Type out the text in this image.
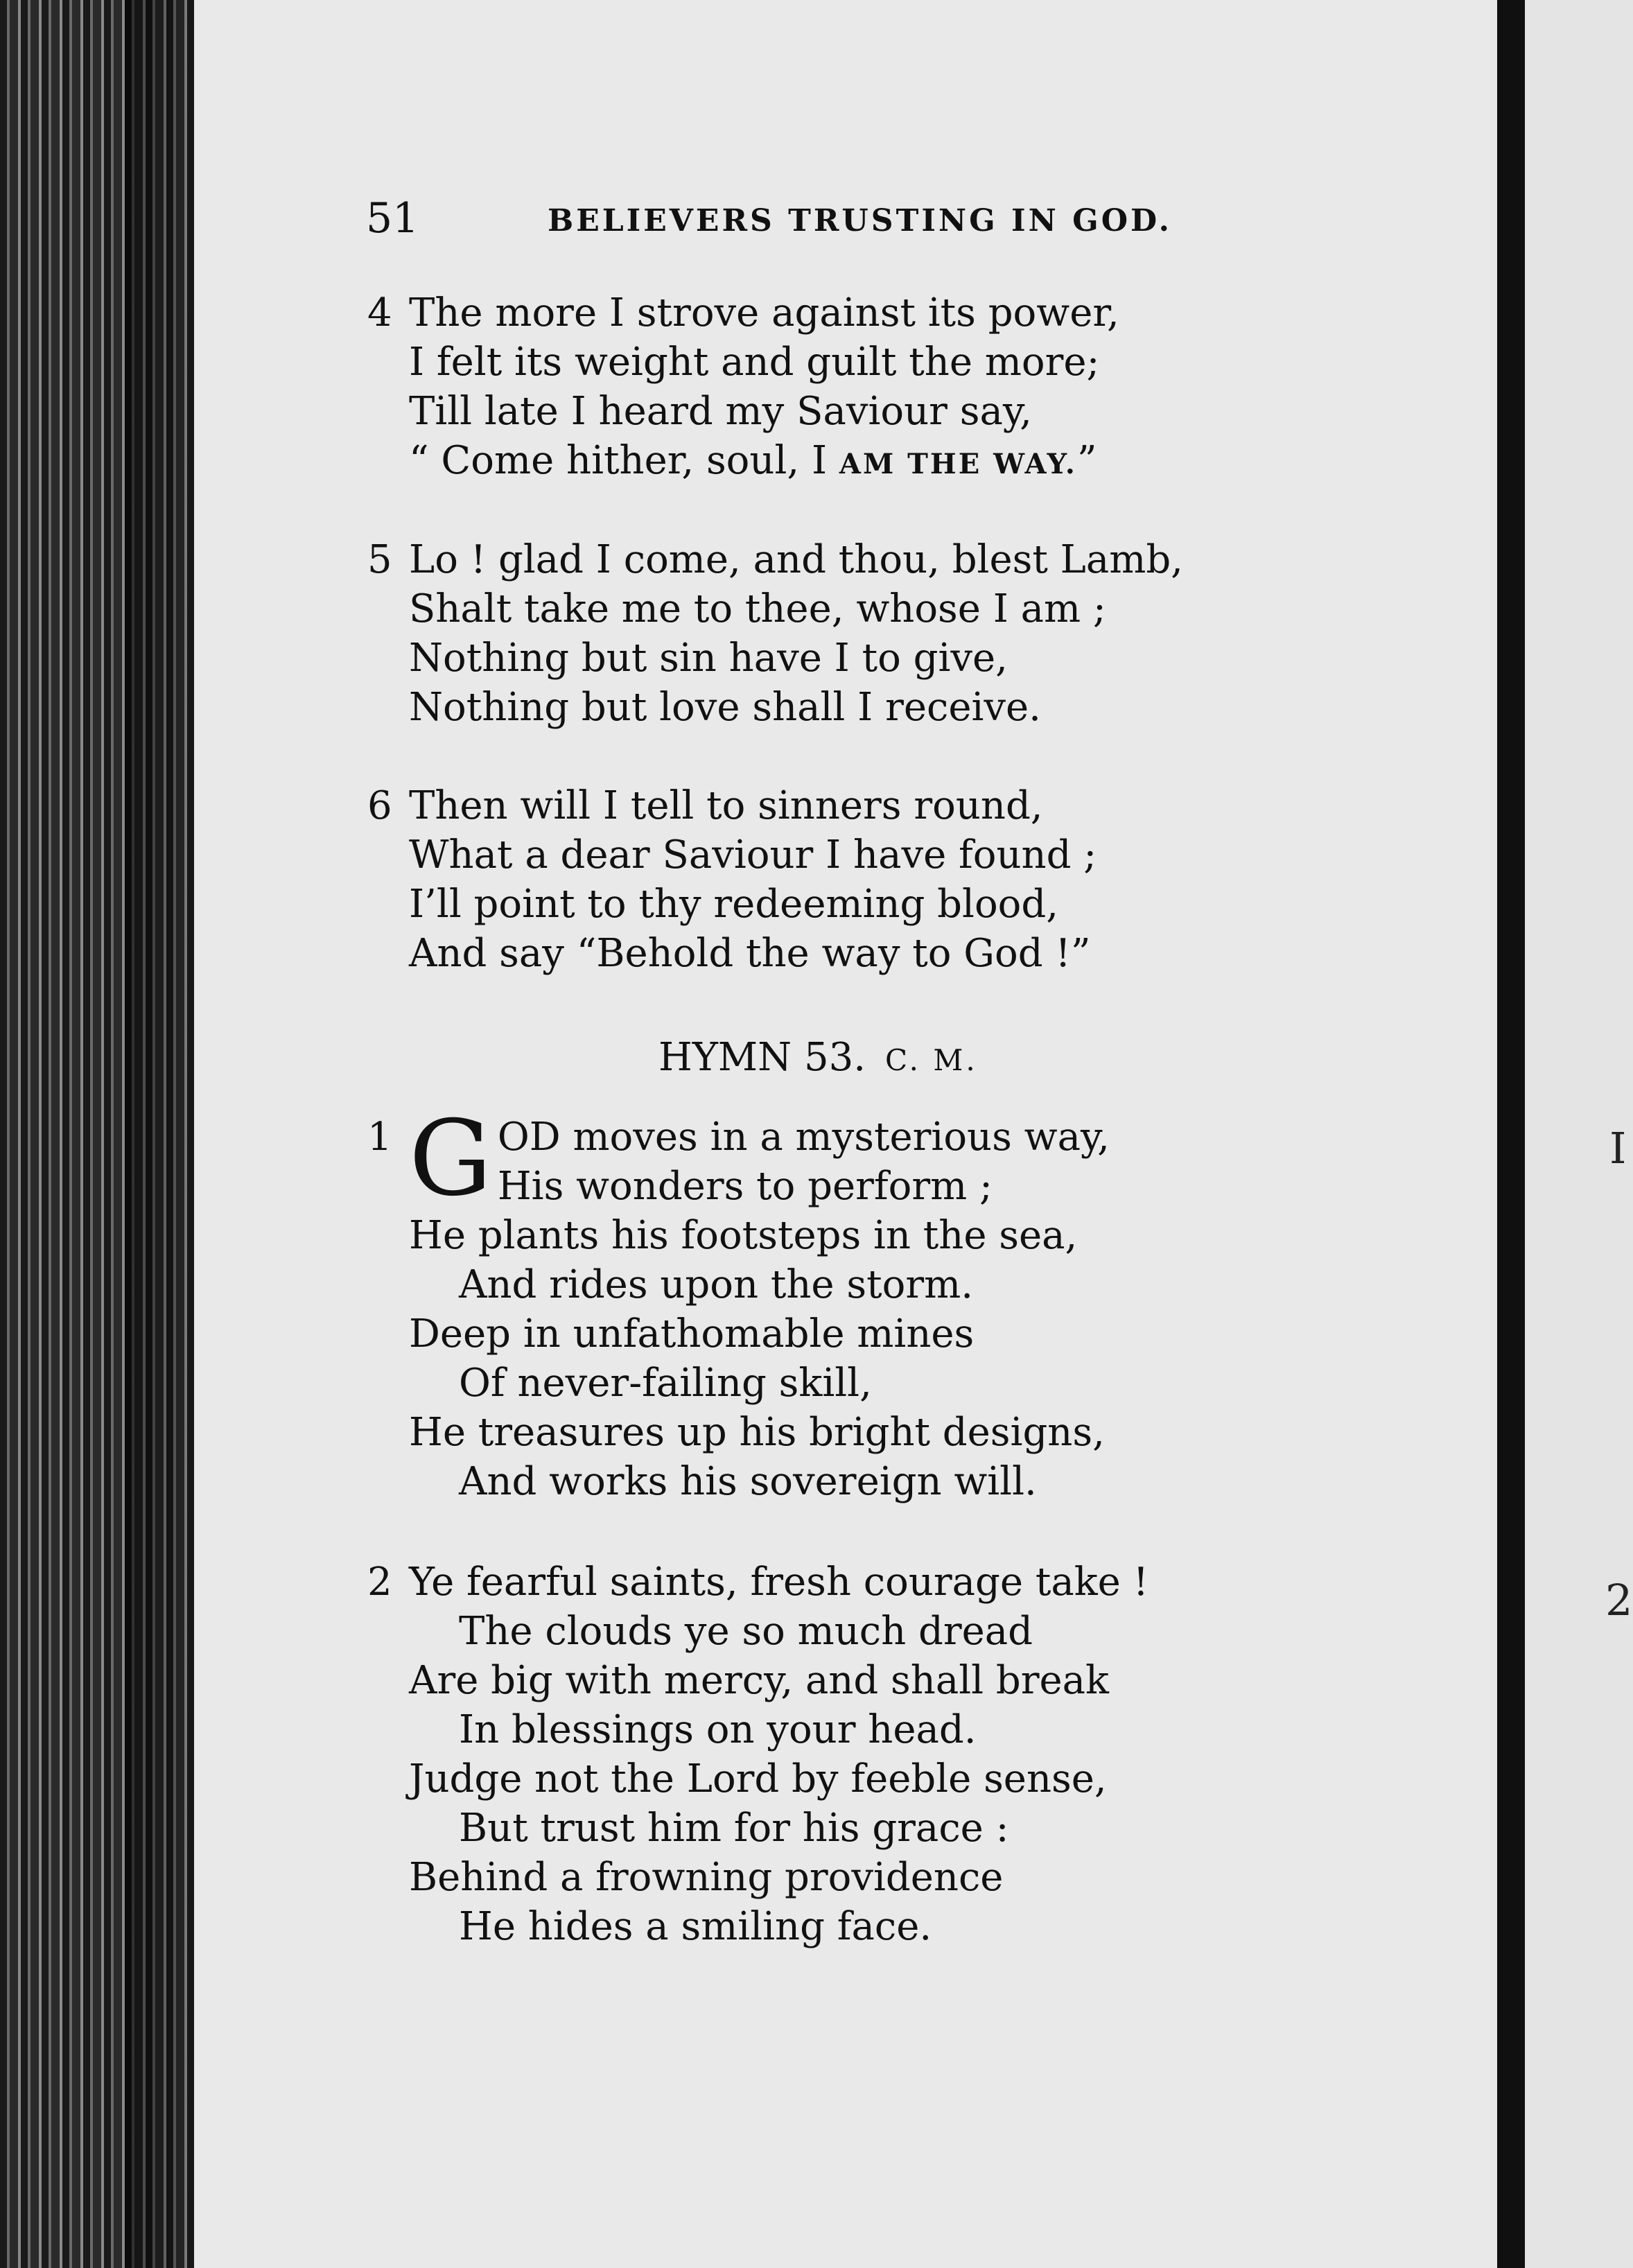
I
2
51	BELIEVERS TRUSTING IN GOD.
4 The more I strove against its power,
I felt its weight and guilt the more;
Till late I heard my Saviour say,
“ Come hither, soul, I AM THE WAY.”
5 Lo ! glad I come, and thou, blest Lamb,
Shalt take me to thee, whose I am ;
Nothing but sin have I to give,
Nothing but love shall I receive.
6 Then will I tell to sinners round,
What a dear Saviour I have found ;
I’ll point to thy redeeming blood,
And say “Behold the way to God !”
HYMN 53. C. M.
1 G OD moves in a mysterious way,
His wonders to perform ;
He plants his footsteps in the sea,
And rides upon the storm.
Deep in unfathomable mines
Of never-failing skill,
He treasures up his bright designs,
And works his sovereign will.
2 Ye fearful saints, fresh courage take !
The clouds ye so much dread
Are big with mercy, and shall break
In blessings on your head.
Judge not the Lord by feeble sense,
But trust him for his grace :
Behind a frowning providence
He hides a smiling face.
